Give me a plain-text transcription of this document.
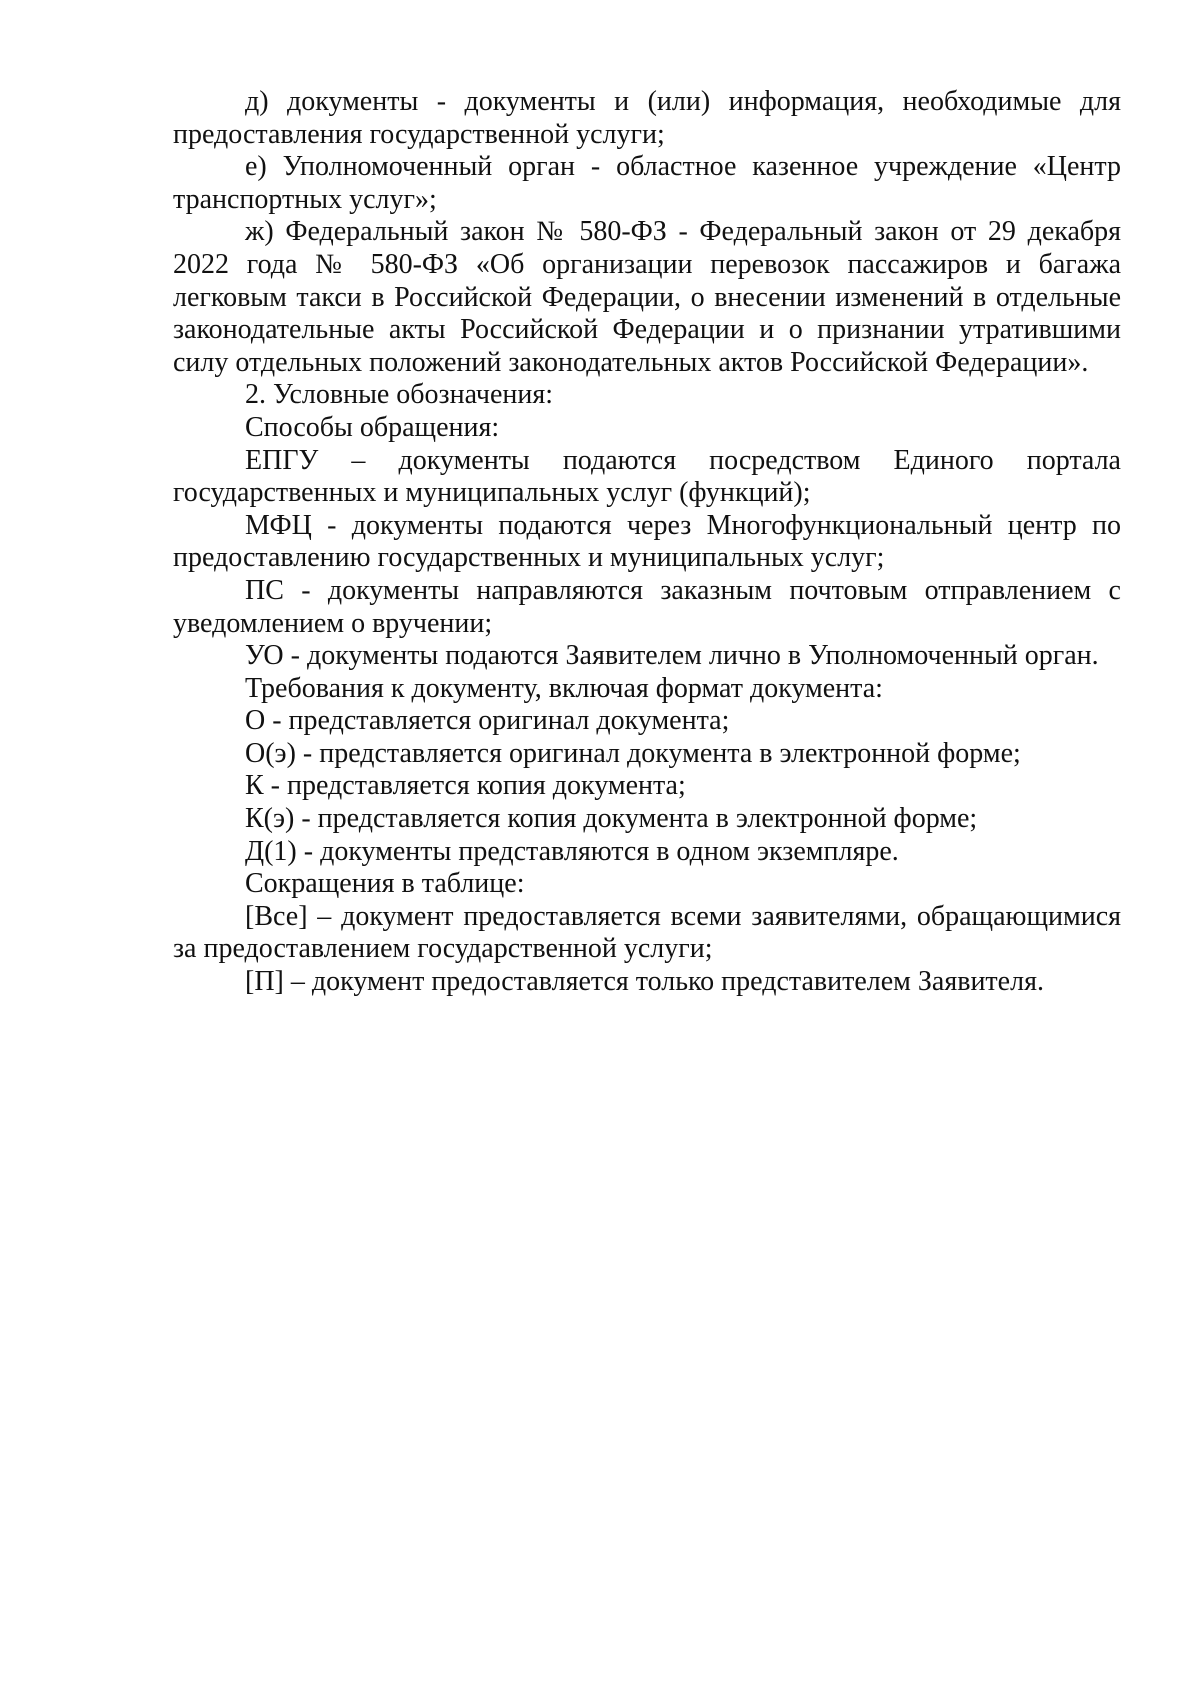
д) документы - документы и (или) информация, необходимые для предоставления государственной услуги;

е) Уполномоченный орган - областное казенное учреждение «Центр транспортных услуг»;

ж) Федеральный закон № 580-ФЗ - Федеральный закон от 29 декабря 2022 года № 580-ФЗ «Об организации перевозок пассажиров и багажа легковым такси в Российской Федерации, о внесении изменений в отдельные законодательные акты Российской Федерации и о признании утратившими силу отдельных положений законодательных актов Российской Федерации».

2. Условные обозначения:

Способы обращения:

ЕПГУ – документы подаются посредством Единого портала государственных и муниципальных услуг (функций);

МФЦ - документы подаются через Многофункциональный центр по предоставлению государственных и муниципальных услуг;

ПС - документы направляются заказным почтовым отправлением с уведомлением о вручении;

УО - документы подаются Заявителем лично в Уполномоченный орган.

Требования к документу, включая формат документа:

О - представляется оригинал документа;

О(э) - представляется оригинал документа в электронной форме;

К - представляется копия документа;

К(э) - представляется копия документа в электронной форме;

Д(1) - документы представляются в одном экземпляре.

Сокращения в таблице:

[Все] – документ предоставляется всеми заявителями, обращающимися за предоставлением государственной услуги;

[П] – документ предоставляется только представителем Заявителя.
